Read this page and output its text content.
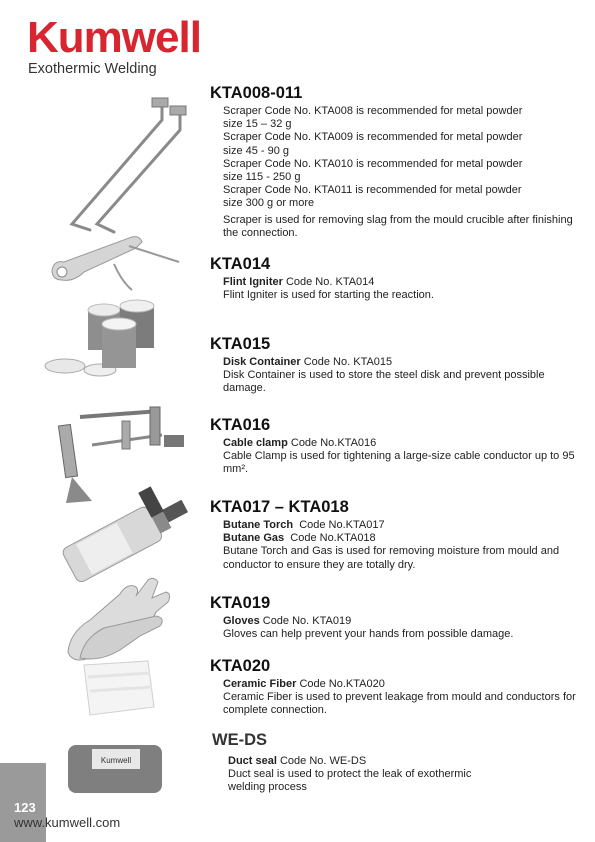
Kumwell
Exothermic Welding
Kumwell
KTA008-011

Scraper Code No. KTA008 is recommended for metal powder

size 15 – 32 g

Scraper Code No. KTA009 is recommended for metal powder

size 45 - 90 g

Scraper Code No. KTA010 is recommended for metal powder

size 115 - 250 g

Scraper Code No. KTA011 is recommended for metal powder

size 300 g or more

Scraper is used for removing slag from the mould crucible after finishing the connection.

KTA014

Flint Igniter Code No. KTA014

Flint Igniter is used for starting the reaction.

KTA015

Disk Container Code No. KTA015

Disk Container is used to store the steel disk and prevent possible damage.

KTA016

Cable clamp Code No.KTA016

Cable Clamp is used for tightening a large-size cable conductor up to 95 mm².

KTA017 – KTA018

Butane Torch Code No.KTA017

Butane Gas Code No.KTA018

Butane Torch and Gas is used for removing moisture from mould and conductor to ensure they are totally dry.

KTA019

Gloves Code No. KTA019

Gloves can help prevent your hands from possible damage.

KTA020

Ceramic Fiber Code No.KTA020

Ceramic Fiber is used to prevent leakage from mould and conductors for complete connection.

WE-DS

Duct seal Code No. WE-DS

Duct seal is used to protect the leak of exothermic welding process

123
www.kumwell.com
